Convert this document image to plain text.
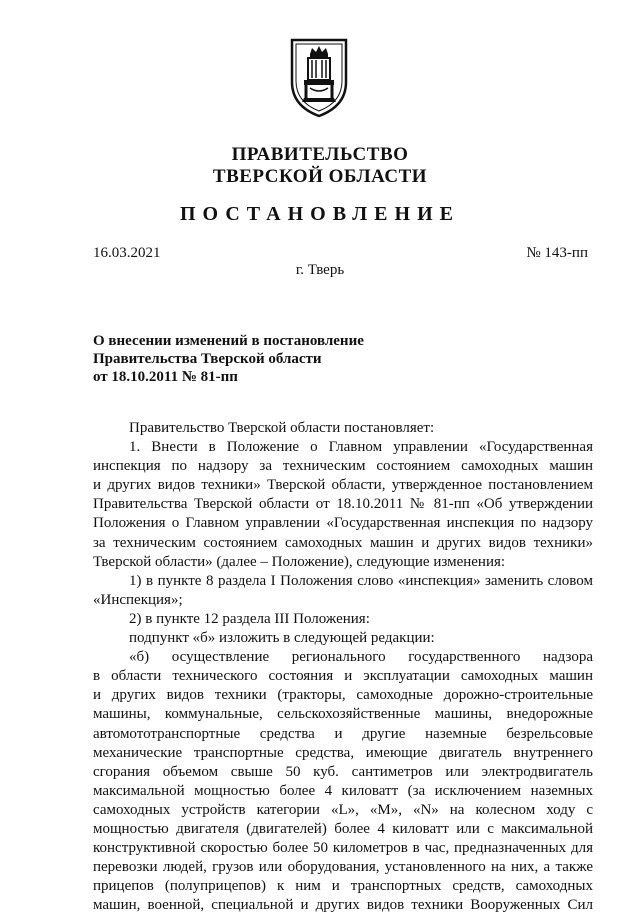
ПРАВИТЕЛЬСТВО
ТВЕРСКОЙ ОБЛАСТИ
ПОСТАНОВЛЕНИЕ
16.03.2021	№ 143-пп
г. Тверь
О внесении изменений в постановление
Правительства Тверской области
от 18.10.2011 № 81-пп
Правительство Тверской области постановляет:
1. Внести в Положение о Главном управлении «Государственная
инспекция по надзору за техническим состоянием самоходных машин
и других видов техники» Тверской области, утвержденное постановлением
Правительства Тверской области от 18.10.2011 № 81-пп «Об утверждении
Положения о Главном управлении «Государственная инспекция по надзору
за техническим состоянием самоходных машин и других видов техники»
Тверской области» (далее – Положение), следующие изменения:
1) в пункте 8 раздела I Положения слово «инспекция» заменить словом
«Инспекция»;
2) в пункте 12 раздела III Положения:
подпункт «б» изложить в следующей редакции:
«б) осуществление регионального государственного надзора
в области технического состояния и эксплуатации самоходных машин
и других видов техники (тракторы, самоходные дорожно-строительные
машины, коммунальные, сельскохозяйственные машины, внедорожные
автомототранспортные средства и другие наземные безрельсовые
механические транспортные средства, имеющие двигатель внутреннего
сгорания объемом свыше 50 куб. сантиметров или электродвигатель
максимальной мощностью более 4 киловатт (за исключением наземных
самоходных устройств категории «L», «M», «N» на колесном ходу с
мощностью двигателя (двигателей) более 4 киловатт или с максимальной
конструктивной скоростью более 50 километров в час, предназначенных для
перевозки людей, грузов или оборудования, установленного на них, а также
прицепов (полуприцепов) к ним и транспортных средств, самоходных
машин, военной, специальной и других видов техники Вооруженных Сил
